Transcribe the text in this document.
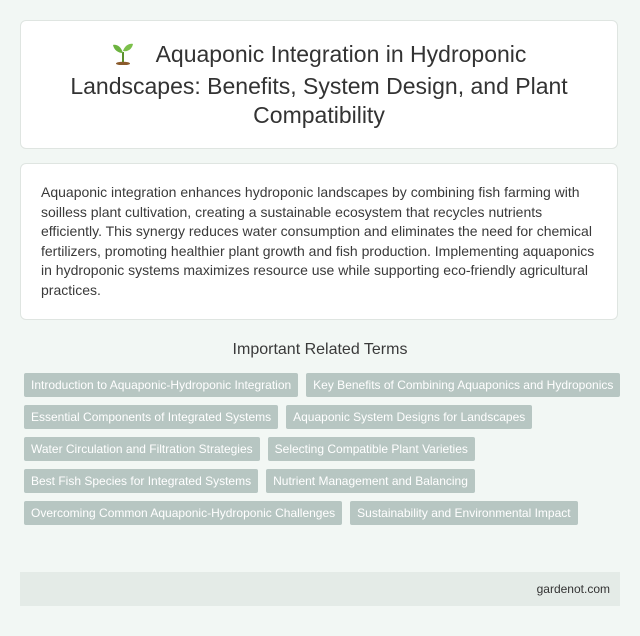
Aquaponic Integration in Hydroponic Landscapes: Benefits, System Design, and Plant Compatibility

Aquaponic integration enhances hydroponic landscapes by combining fish farming with soilless plant cultivation, creating a sustainable ecosystem that recycles nutrients efficiently. This synergy reduces water consumption and eliminates the need for chemical fertilizers, promoting healthier plant growth and fish production. Implementing aquaponics in hydroponic systems maximizes resource use while supporting eco-friendly agricultural practices.

Important Related Terms
Introduction to Aquaponic-Hydroponic Integration	Key Benefits of Combining Aquaponics and Hydroponics
Essential Components of Integrated Systems	Aquaponic System Designs for Landscapes
Water Circulation and Filtration Strategies	Selecting Compatible Plant Varieties
Best Fish Species for Integrated Systems	Nutrient Management and Balancing
Overcoming Common Aquaponic-Hydroponic Challenges	Sustainability and Environmental Impact
gardenot.com
